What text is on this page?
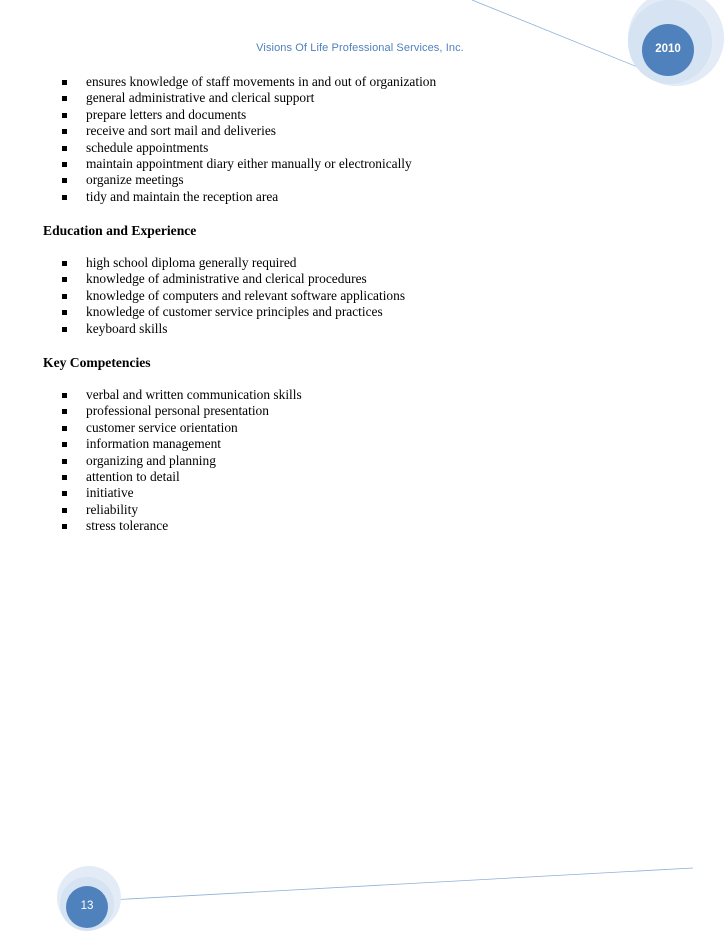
Visions Of Life Professional Services, Inc.	2010
ensures knowledge of staff movements in and out of organization
general administrative and clerical support
prepare letters and documents
receive and sort mail and deliveries
schedule appointments
maintain appointment diary either manually or electronically
organize meetings
tidy and maintain the reception area
Education and Experience
high school diploma generally required
knowledge of administrative and clerical procedures
knowledge of computers and relevant software applications
knowledge of customer service principles and practices
keyboard skills
Key Competencies
verbal and written communication skills
professional personal presentation
customer service orientation
information management
organizing and planning
attention to detail
initiative
reliability
stress tolerance
13
